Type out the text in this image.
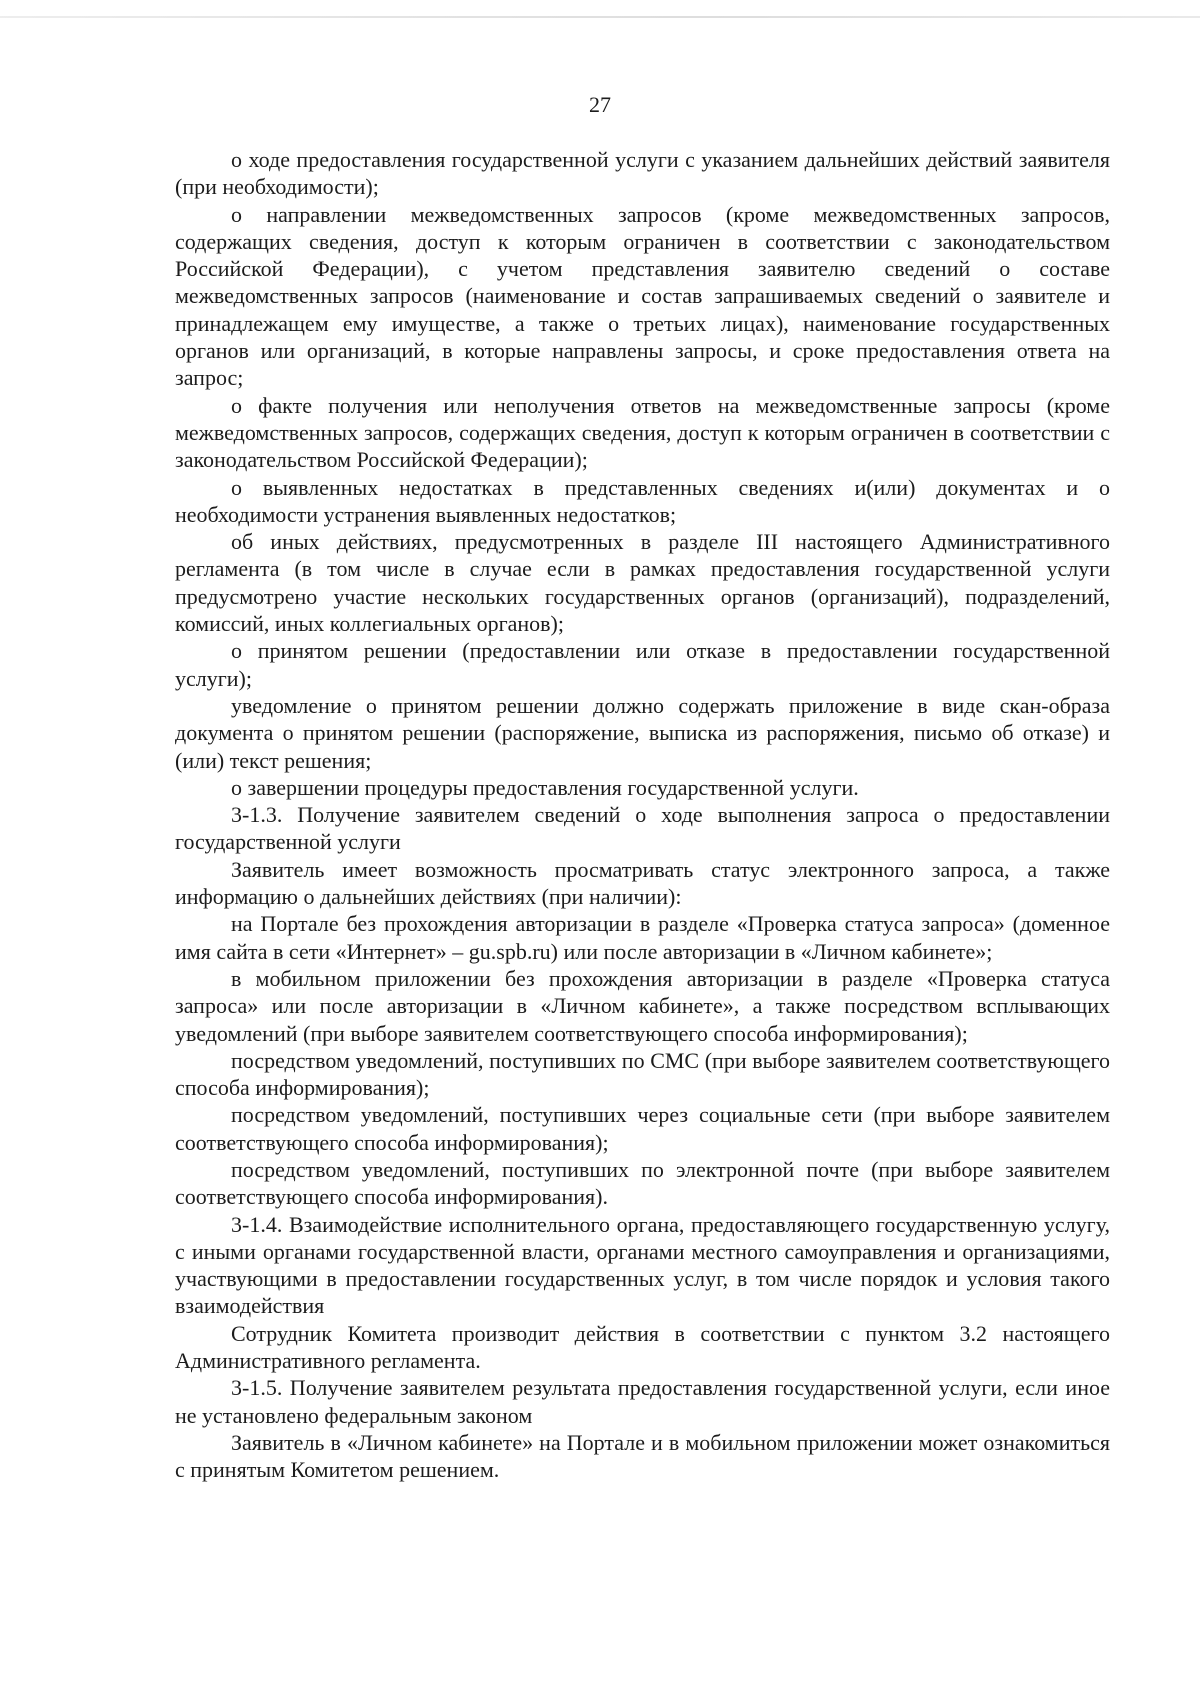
27

о ходе предоставления государственной услуги с указанием дальнейших действий заявителя (при необходимости);

о направлении межведомственных запросов (кроме межведомственных запросов, содержащих сведения, доступ к которым ограничен в соответствии с законодательством Российской Федерации), с учетом представления заявителю сведений о составе межведомственных запросов (наименование и состав запрашиваемых сведений о заявителе и принадлежащем ему имуществе, а также о третьих лицах), наименование государственных органов или организаций, в которые направлены запросы, и сроке предоставления ответа на запрос;

о факте получения или неполучения ответов на межведомственные запросы (кроме межведомственных запросов, содержащих сведения, доступ к которым ограничен в соответствии с законодательством Российской Федерации);

о выявленных недостатках в представленных сведениях и(или) документах и о необходимости устранения выявленных недостатков;

об иных действиях, предусмотренных в разделе III настоящего Административного регламента (в том числе в случае если в рамках предоставления государственной услуги предусмотрено участие нескольких государственных органов (организаций), подразделений, комиссий, иных коллегиальных органов);

о принятом решении (предоставлении или отказе в предоставлении государственной услуги);

уведомление о принятом решении должно содержать приложение в виде скан-образа документа о принятом решении (распоряжение, выписка из распоряжения, письмо об отказе) и (или) текст решения;

о завершении процедуры предоставления государственной услуги.

3-1.3. Получение заявителем сведений о ходе выполнения запроса о предоставлении государственной услуги

Заявитель имеет возможность просматривать статус электронного запроса, а также информацию о дальнейших действиях (при наличии):

на Портале без прохождения авторизации в разделе «Проверка статуса запроса» (доменное имя сайта в сети «Интернет» – gu.spb.ru) или после авторизации в «Личном кабинете»;

в мобильном приложении без прохождения авторизации в разделе «Проверка статуса запроса» или после авторизации в «Личном кабинете», а также посредством всплывающих уведомлений (при выборе заявителем соответствующего способа информирования);

посредством уведомлений, поступивших по СМС (при выборе заявителем соответствующего способа информирования);

посредством уведомлений, поступивших через социальные сети (при выборе заявителем соответствующего способа информирования);

посредством уведомлений, поступивших по электронной почте (при выборе заявителем соответствующего способа информирования).

3-1.4. Взаимодействие исполнительного органа, предоставляющего государственную услугу, с иными органами государственной власти, органами местного самоуправления и организациями, участвующими в предоставлении государственных услуг, в том числе порядок и условия такого взаимодействия

Сотрудник Комитета производит действия в соответствии с пунктом 3.2 настоящего Административного регламента.

3-1.5. Получение заявителем результата предоставления государственной услуги, если иное не установлено федеральным законом

Заявитель в «Личном кабинете» на Портале и в мобильном приложении может ознакомиться с принятым Комитетом решением.
